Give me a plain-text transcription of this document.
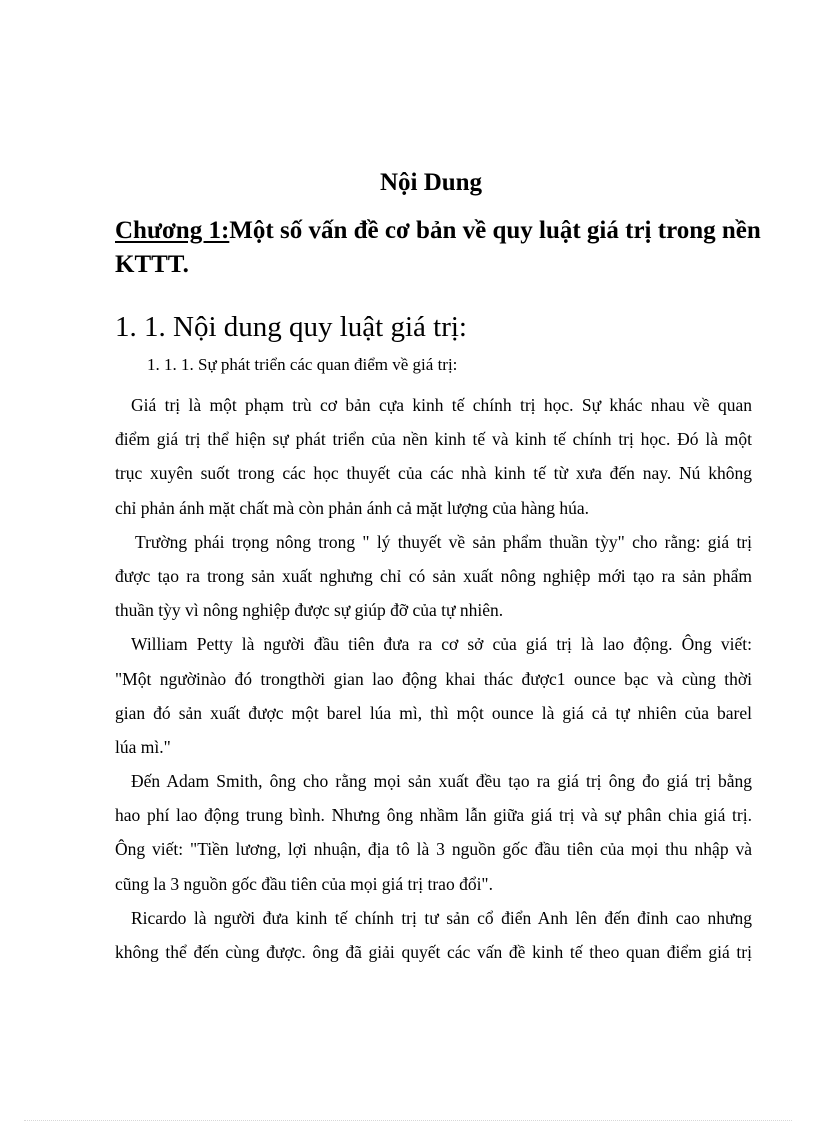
Nội Dung
Chương 1:Một số vấn đề cơ bản về quy luật giá trị trong nền
KTTT.
1. 1. Nội dung quy luật giá trị:
1. 1. 1. Sự phát triển các quan điểm về giá trị:

Giá trị là một phạm trù cơ bản cựa kinh tế chính trị học. Sự khác nhau về quan
điểm giá trị thể hiện sự phát triển của nền kinh tế và kinh tế chính trị học. Đó là một
trục xuyên suốt trong các học thuyết của các nhà kinh tế từ xưa đến nay. Nú không
chỉ phản ánh mặt chất mà còn phản ánh cả mặt lượng của hàng húa.

Trường phái trọng nông trong " lý thuyết về sản phẩm thuần tỳy" cho rằng: giá trị
được tạo ra trong sản xuất nghưng chỉ có sản xuất nông nghiệp mới tạo ra sản phẩm
thuần tỳy vì nông nghiệp được sự giúp đỡ của tự nhiên.

William Petty là người đầu tiên đưa ra cơ sở của giá trị là lao động. Ông viết:
"Một ngườinào đó trongthời gian lao động khai thác được1 ounce bạc và cùng thời
gian đó sản xuất được một barel lúa mì, thì một ounce là giá cả tự nhiên của barel
lúa mì."

Đến Adam Smith, ông cho rằng mọi sản xuất đều tạo ra giá trị ông đo giá trị bằng
hao phí lao động trung bình. Nhưng ông nhầm lẫn giữa giá trị và sự phân chia giá trị.
Ông viết: "Tiền lương, lợi nhuận, địa tô là 3 nguồn gốc đầu tiên của mọi thu nhập và
cũng la 3 nguồn gốc đầu tiên của mọi giá trị trao đổi".

Ricardo là người đưa kinh tế chính trị tư sản cổ điển Anh lên đến đỉnh cao nhưng
không thể đến cùng được. ông đã giải quyết các vấn đề kinh tế theo quan điểm giá trị
